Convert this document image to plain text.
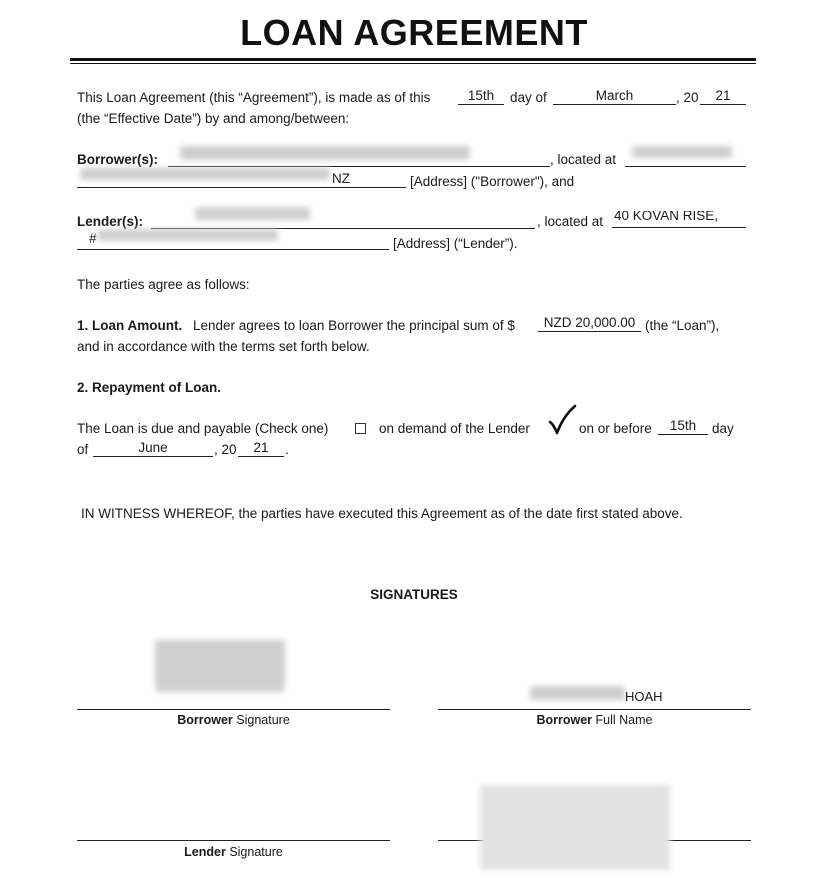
LOAN AGREEMENT
This Loan Agreement (this “Agreement”), is made as of this	15th	day of	March	, 20	21
(the “Effective Date”) by and among/between:
Borrower(s):	, located at
NZ	[Address] ("Borrower"), and
Lender(s):	, located at 40 KOVAN RISE,
#	[Address] (“Lender”).
The parties agree as follows:
1. Loan Amount. Lender agrees to loan Borrower the principal sum of $	NZD 20,000.00 (the “Loan”),
and in accordance with the terms set forth below.
2. Repayment of Loan.
The Loan is due and payable (Check one)	on demand of the Lender	on or before	15th	day
of	June	, 20	21	.
IN WITNESS WHEREOF, the parties have executed this Agreement as of the date first stated above.
SIGNATURES
Borrower Signature
HOAH
Borrower Full Name
Lender Signature
